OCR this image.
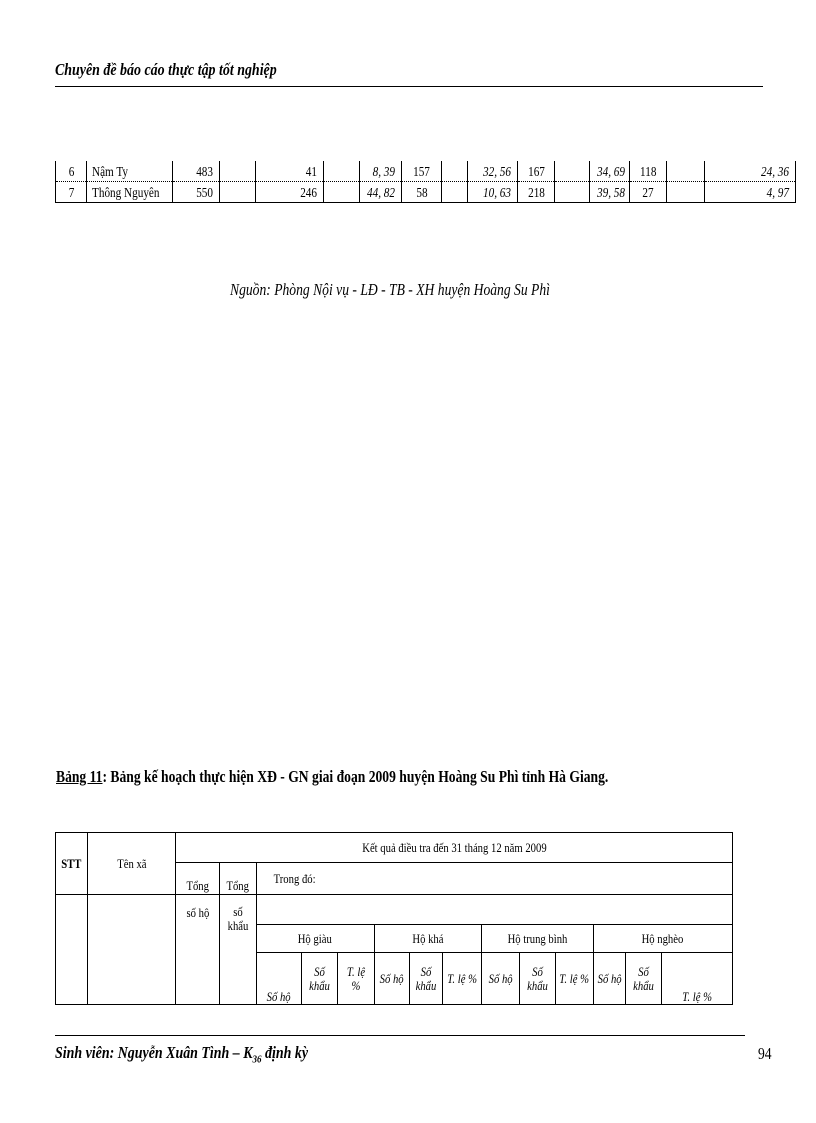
Chuyên đề báo cáo thực tập tốt nghiệp
6	Nậm Ty	483		41		8, 39	157		32, 56	167		34, 69	118		24, 36
7	Thông Nguyên	550		246		44, 82	58		10, 63	218		39, 58	27		4, 97
Nguồn: Phòng Nội vụ - LĐ - TB - XH huyện Hoàng Su Phì
Bảng 11: Bảng kế hoạch thực hiện XĐ - GN giai đoạn 2009 huyện Hoàng Su Phì tỉnh Hà Giang.
STT	Tên xã	Kết quả điều tra đến 31 tháng 12 năm 2009													
		Tổng	Tổng	Trong đó:											
		số hộ	số khẩu												
				Hộ giàu			Hộ khá			Hộ trung bình			Hộ nghèo		
				Số hộ	Số khẩu	T. lệ %	Số hộ	Số khẩu	T. lệ %	Số hộ	Số khẩu	T. lệ %	Số hộ	Số khẩu	T. lệ %
Sinh viên: Nguyễn Xuân Tình – $K_{36}$ định kỳ	94
